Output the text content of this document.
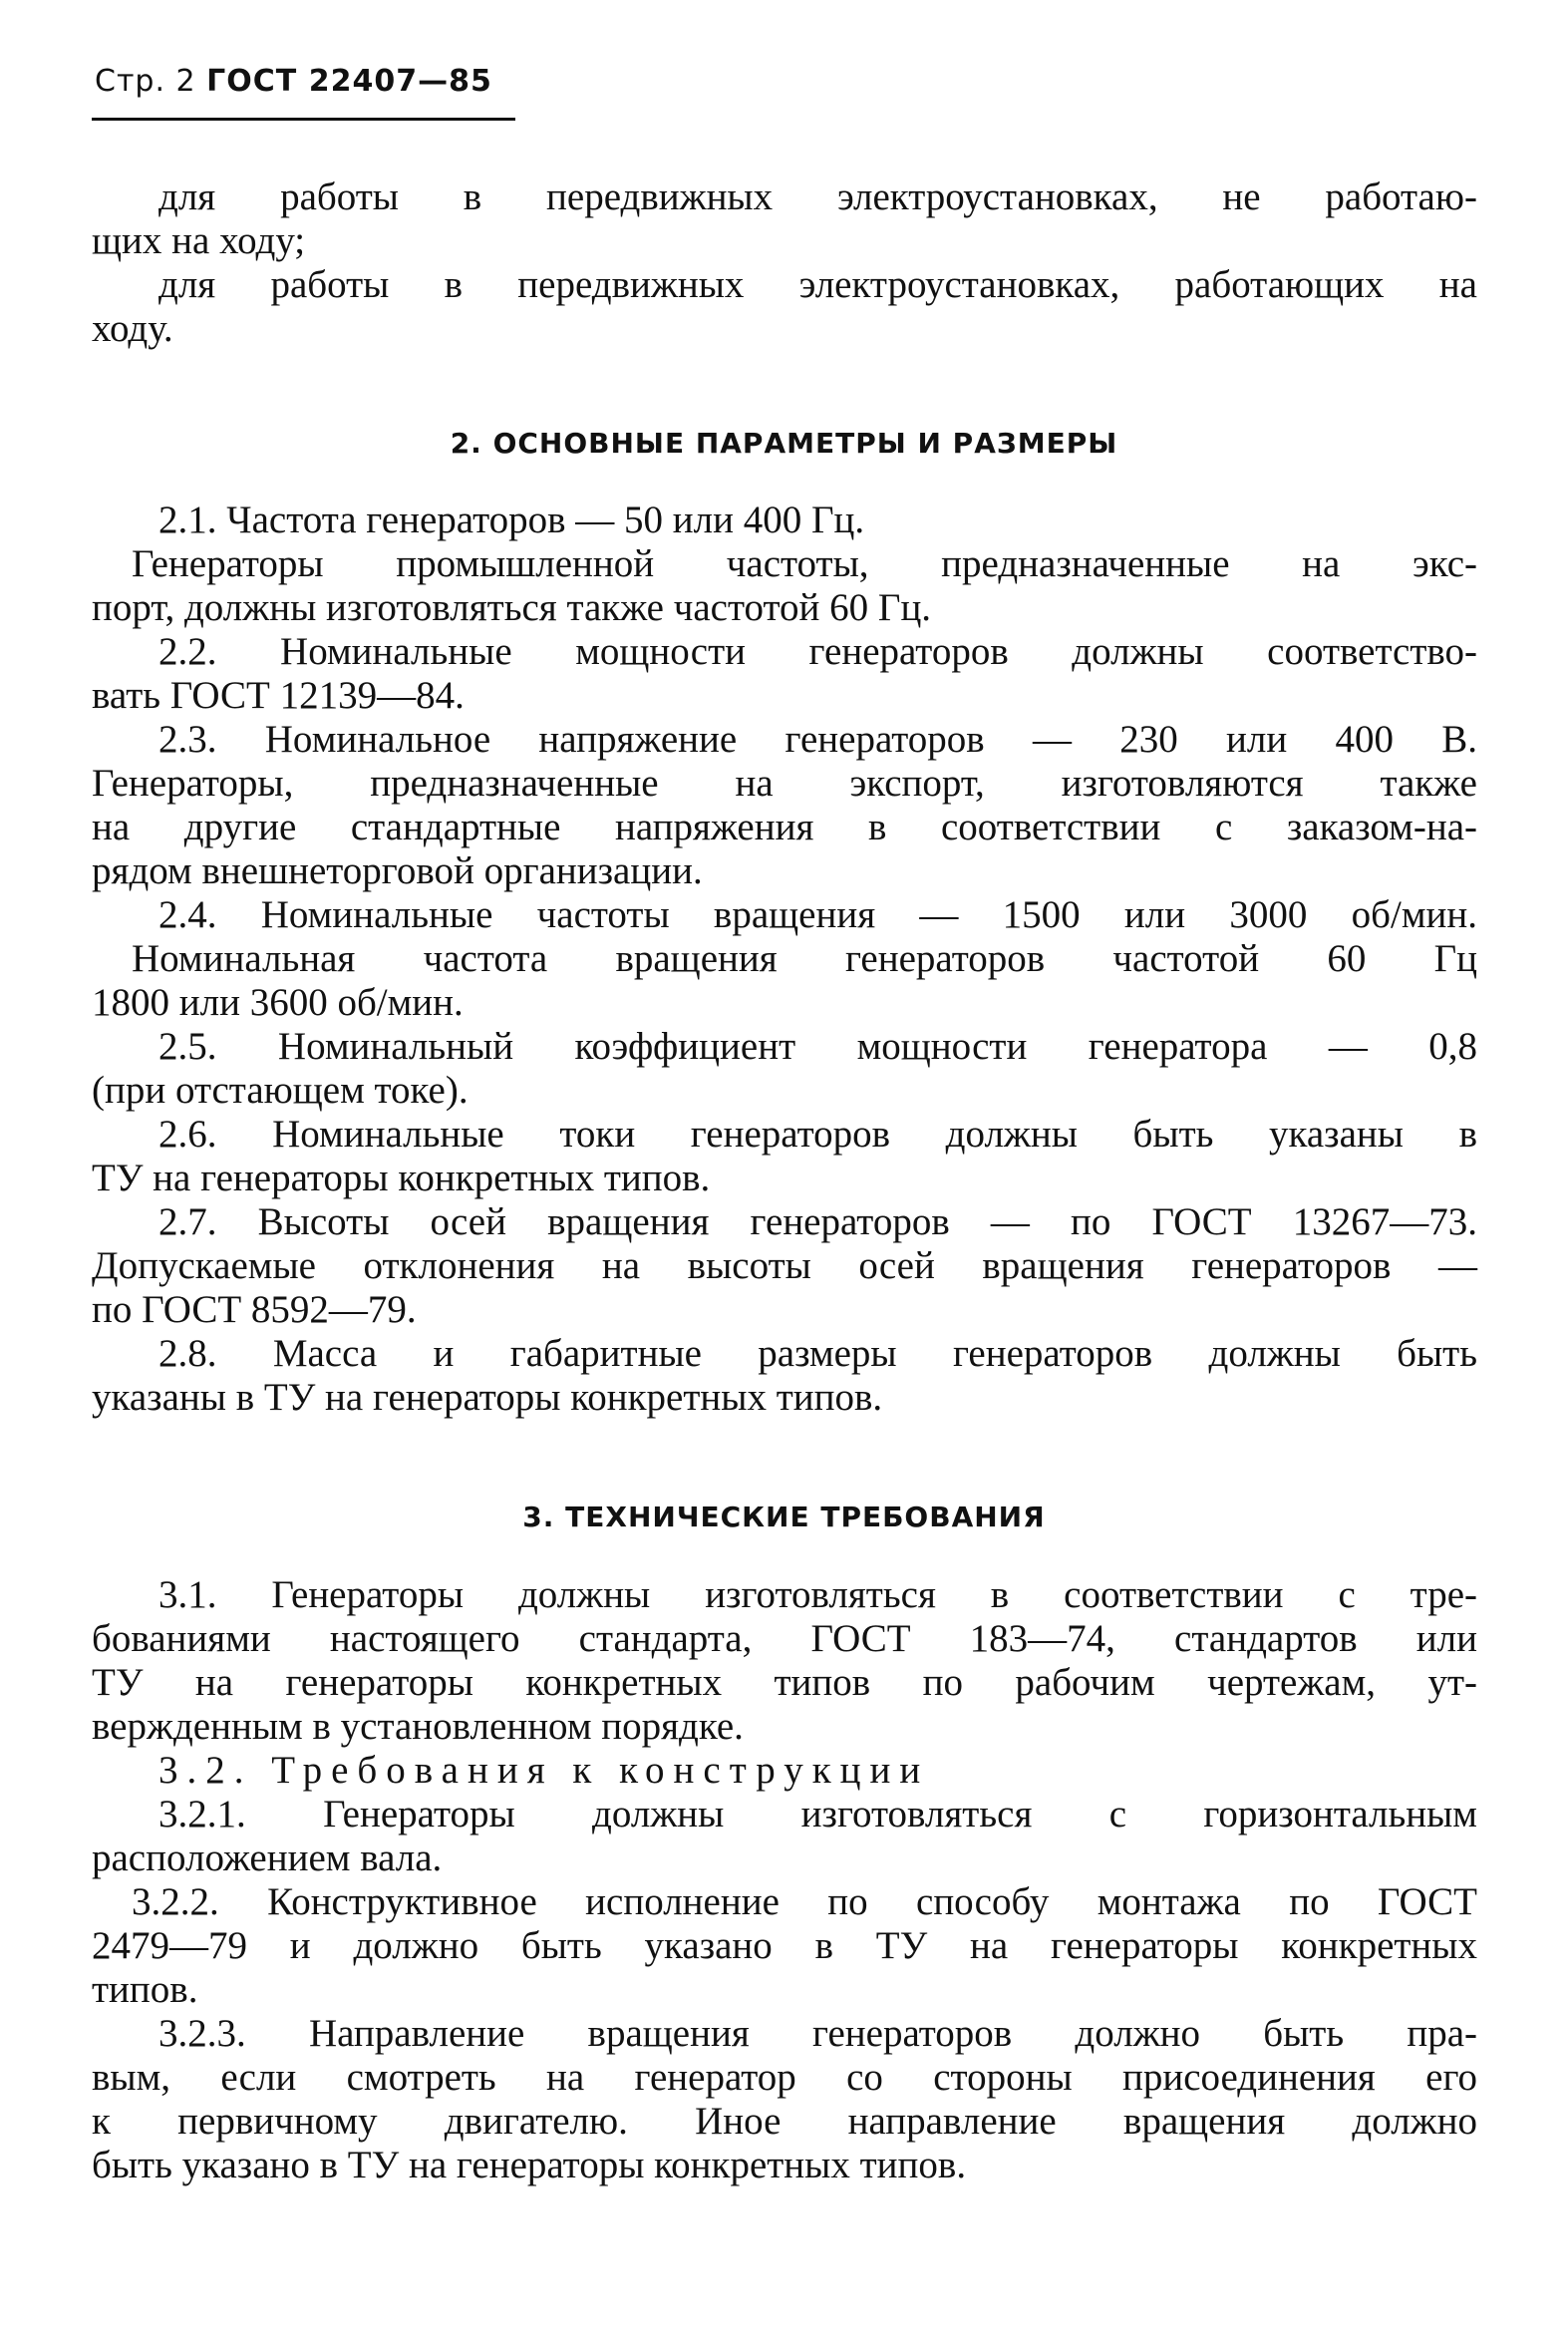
Стр. 2 ГОСТ 22407—85
для работы в передвижных электроустановках, не работаю-
щих на ходу;
для работы в передвижных электроустановках, работающих на
ходу.
2. ОСНОВНЫЕ ПАРАМЕТРЫ И РАЗМЕРЫ
2.1. Частота генераторов — 50 или 400 Гц.
Генераторы промышленной частоты, предназначенные на экс-
порт, должны изготовляться также частотой 60 Гц.
2.2. Номинальные мощности генераторов должны соответство-
вать ГОСТ 12139—84.
2.3. Номинальное напряжение генераторов — 230 или 400 В.
Генераторы, предназначенные на экспорт, изготовляются также
на другие стандартные напряжения в соответствии с заказом-на-
рядом внешнеторговой организации.
2.4. Номинальные частоты вращения — 1500 или 3000 об/мин.
Номинальная частота вращения генераторов частотой 60 Гц
1800 или 3600 об/мин.
2.5. Номинальный коэффициент мощности генератора — 0,8
(при отстающем токе).
2.6. Номинальные токи генераторов должны быть указаны в
ТУ на генераторы конкретных типов.
2.7. Высоты осей вращения генераторов — по ГОСТ 13267—73.
Допускаемые отклонения на высоты осей вращения генераторов —
по ГОСТ 8592—79.
2.8. Масса и габаритные размеры генераторов должны быть
указаны в ТУ на генераторы конкретных типов.
3. ТЕХНИЧЕСКИЕ ТРЕБОВАНИЯ
3.1. Генераторы должны изготовляться в соответствии с тре-
бованиями настоящего стандарта, ГОСТ 183—74, стандартов или
ТУ на генераторы конкретных типов по рабочим чертежам, ут-
вержденным в установленном порядке.
3.2. Требования к конструкции
3.2.1. Генераторы должны изготовляться с горизонтальным
расположением вала.
3.2.2. Конструктивное исполнение по способу монтажа по ГОСТ
2479—79 и должно быть указано в ТУ на генераторы конкретных
типов.
3.2.3. Направление вращения генераторов должно быть пра-
вым, если смотреть на генератор со стороны присоединения его
к первичному двигателю. Иное направление вращения должно
быть указано в ТУ на генераторы конкретных типов.
